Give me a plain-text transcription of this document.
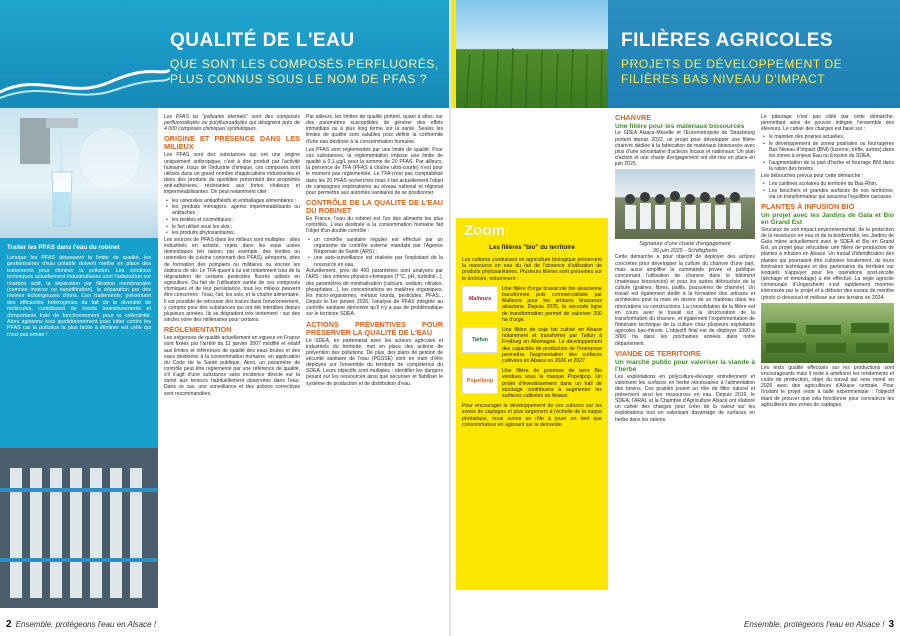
QUALITÉ DE L'EAU
QUE SONT LES COMPOSÉS PERFLUORÉS, PLUS CONNUS SOUS LE NOM DE PFAS ?
Traiter les PFAS dans l'eau du robinet
Lorsque les PFAS dépassent la limite de qualité, les gestionnaires d'eau potable doivent mettre en place des traitements pour éliminer la pollution. Les solutions techniques actuellement industrialisées sont l'adsorption sur charbon actif, la séparation par filtration membranaire (osmose inverse ou nanofiltration), la séparation par des résines échangeuses d'ions. Ces traitements, présentant des efficacités hétérogènes du fait de la diversité de molécules, contribuent de lourds investissements et d'importants frais de fonctionnement pour la collectivité. Alors agissons tous quotidiennement pour lutter contre les PFAS car la pollution la plus facile à éliminer est celle qui n'est pas émise !

Les PFAS ou "polluants éternels" sont des composés perfluoroalkylés ou polyfluoroalkylés qui désignent près de 4 000 composés chimiques synthétiques.

ORIGINE ET PRÉSENCE DANS LES MILIEUX

Les PFAS sont des substances qui ont une origine uniquement anthropique, c'est à dire produit par l'activité humaine. Issus de l'industrie chimique, ces composés sont utilisés dans un grand nombre d'applications industrielles et dans des produits du quotidien présentant des propriétés anti-adhésives, résistantes aux fortes chaleurs et imperméabilisantes. On peut notamment citer :

• les ustensiles antiadhésifs et emballages alimentaires ;
• les produits ménagers, agents imperméabilisants ou antitaches ;
• les textiles et cosmétiques ;
• le fart utilisé sous les skis ;
• les produits phytosanitaires.

Les sources de PFAS dans les milieux sont multiples : sites industriels en activité, rejets dans les eaux usées domestiques (en raison, par exemple, des textiles ou ustensiles de cuisine contenant des PFAS), aéroports, sites de formation des pompiers ou militaires ou encore les stations de ski. Le TFA quant à lui est notamment issu de la dégradation de certains pesticides fluorés utilisés en agriculture. Du fait de l'utilisation variée de ces composés chimiques et de leur persistance, tous les milieux peuvent être concernés : l'eau, l'air, les sols, et la chaîne alimentaire. Il est possible de retrouver des traces dans l'environnement, y compris pour des substances qui ont été interdites depuis plusieurs années. Ils se dégradent très lentement : sur des siècles voire des millénaires pour certains.

RÉGLEMENTATION

Les exigences de qualité actuellement en vigueur en France sont fixées par l'arrêté du 11 janvier 2007 modifié et relatif aux limites et références de qualité des eaux brutes et des eaux destinées à la consommation humaine, en application du Code de la Santé publique. Ainsi, un paramètre de contrôle peut être réglementé par une référence de qualité, s'il s'agit d'une substance sans incidence directe sur la santé aux teneurs habituellement observées dans l'eau. Dans ce cas, une surveillance et des actions correctives sont recommandées.

Par ailleurs, les limites de qualité portent, quant à elles, sur des paramètres susceptibles de générer des effets immédiats ou à plus long terme sur la santé. Seules les limites de qualité sont valables pour définir la conformité d'une eau destinée à la consommation humaine.

Les PFAS sont réglementés par une limite de qualité. Pour ces substances, la réglementation impose une limite de qualité à 0,1 µg/L pour la somme de 20 PFAS. Par ailleurs, la présence de TFA (PFAS à chaîne ultra-courte) n'est pour le moment pas réglementée. Le TFA n'est pas comptabilisé dans les 20 PFAS recherchés mais il fait actuellement l'objet de campagnes exploratoires au niveau national et régional pour permettre aux autorités sanitaires de se positionner.

CONTRÔLE DE LA QUALITÉ DE L'EAU DU ROBINET

En France, l'eau du robinet est l'un des aliments les plus contrôlés. L'eau destinée à la consommation humaine fait l'objet d'un double contrôle :

• un contrôle sanitaire régulier est effectué par un organisme de contrôle externe mandaté par l'Agence Régionale de Santé (ARS) ;
• une auto-surveillance est réalisée par l'exploitant de la ressource en eau.

Actuellement, près de 400 paramètres sont analysés par l'ARS : des critères physico-chimiques (T°C, pH, turbidité...), des paramètres de minéralisation (calcium, sodium, nitrates, phosphates...), les concentrations en matières organiques, les micro-organismes, métaux lourds, pesticides, PFAS... Depuis le 1er janvier 2026, l'analyse de PFAS intégrée au contrôle sanitaire démontre qu'il n'y a pas de problématique sur le territoire SDEA.

ACTIONS PRÉVENTIVES POUR PRÉSERVER LA QUALITÉ DE L'EAU

Le SDEA, en partenariat avec les acteurs agricoles et industriels du territoire, met en place des actions de prévention des pollutions. De plus, des plans de gestion de sécurité sanitaire de l'eau (PGSSE) sont en train d'être déployés sur l'ensemble du territoire de compétence du SDEA. Leurs objectifs sont multiples : identifier les dangers pesant sur les ressources ainsi que sécuriser et fiabiliser le système de production et de distribution d'eau.

2 Ensemble, protégeons l'eau en Alsace !
FILIÈRES AGRICOLES
PROJETS DE DÉVELOPPEMENT DE FILIÈRES BAS NIVEAU D'IMPACT
Zoom
Les filières "bio" du territoire
Les cultures conduisant en agriculture biologique préservent la ressource en eau du fait de l'absence d'utilisation de produits phytosanitaires. Plusieurs filières sont présentes sur le territoire, notamment :
Malteurs
Une filière d'orge brassicole bio alsacienne transformée puis commercialisée par Malteurs pour les artisans brasseurs alsaciens. Depuis 2025, la seconde ligne de transformation permet de valoriser 200 ha d'orge.
Taifun
Une filière de soja bio cultivé en Alsace notamment et transformé par Taifun à Freiburg en Allemagne. Le développement des capacités de production de l'entreprise permettra l'augmentation des surfaces cultivées en Alsace en 2026 et 2027.
Popelipop
Une filière de pommes de terre Bio vendues sous la marque Popelipop. Un projet d'investissement dans un hall de stockage contribuera à augmenter les surfaces cultivées en Alsace.
Pour encourager le développement de ces cultures sur les zones de captages et plus largement à l'échelle de la nappe phréatique, nous avons un rôle à jouer en tant que consommateur en agissant sur la demande.
CHANVRE
Une filière pour les matériaux biosourcés

Le SDEA Alsace-Moselle et l'Eurométropole de Strasbourg portent depuis 2022, un projet pour développer une filière chanvre dédiée à la fabrication de matériaux biosourcés avec plus d'une soixantaine d'acteurs locaux et nationaux. Un plan d'action et une charte d'engagement ont été mis en place en juin 2025.

Signature d'une charte d'engagement
30 juin 2025 - Schiltigheim

Cette démarche a pour objectif de déployer des actions concrètes pour développer la culture du chanvre d'une part, mais aussi amplifier la commande privée et publique concernant l'utilisation de chanvre dans le bâtiment (matériaux biosourcés) et pour les autres débouchés de la culture (graines, fibres, paillis, poussières de chanvre). Un travail est également dédié à la formation des artisans et architectes pour la mise en œuvre de ce matériau dans les rénovations ou constructions. La consolidation de la filière est en cours avec le travail sur la structuration de la transformation du chanvre, et également l'expérimentation de l'itinéraire technique de la culture chez plusieurs exploitants agricoles bas-rhinois. L'objectif final est de déployer 1000 à 3000 ha dans les prochaines années dans notre département.

VIANDE DE TERRITOIRE
Un marché public pour valoriser la viande à l'herbe

Les exploitations en polyculture-élevage entretiennent et valorisent les surfaces en herbe nécessaires à l'alimentation des bovins. Ces prairies jouent un rôle de filtre naturel et préservent ainsi les ressources en eau. Depuis 2019, le SDEA, l'ARAL et la Chambre d'Agriculture Alsace ont élaboré un cahier des charges pour créer de la valeur sur les exploitations tout en valorisant davantage de surfaces en herbe dans les rations.

Le pâturage n'est pas ciblé par cette démarche, permettant ainsi de pouvoir intégrer l'ensemble des éleveurs. Le cahier des charges est basé sur :

• le maintien des prairies actuelles,
• le développement de zones prairiales ou fourragères Bas Niveau d'Impact (BNI) (luzerne, trèfle, autres) dans les zones à enjeux Eau ou Erosion du SDEA,
• l'augmentation de la part d'herbe et fourrage BNI dans la ration des bovins.

Les débouchés prévus pour cette démarche :

• Les cantines scolaires du territoire du Bas-Rhin,
• Les bouchers et grandes surfaces de nos territoires, via un transformateur qui assurera l'équilibre carcasse.
PLANTES À INFUSION BIO
Un projet avec les Jardins de Gaïa et Bio en Grand Est

Soucieux de son impact environnemental, de la protection de la ressource en eau et de la biodiversité, les Jardins de Gaïa mène actuellement avec le SDEA et Bio en Grand Est, un projet pour relocaliser une filière de production de plantes à infusion en Alsace. Un travail d'identification des plantes qui pourraient être cultivées localement, de leurs itinéraires techniques et des partenaires du territoire sur lesquels s'appuyer pour les opérations post-récolte (séchage et émondage) a été effectué. La régie agricole communale d'Ungersheim s'est rapidement montrée intéressée par le projet et a débuter des essais de menthe (photo ci-dessous) et mélisse sur ses terrains en 2024.

Les tests qualité effectués sur les productions sont encourageants mais il reste à améliorer les rendements et coûts de production, objet du travail qui sera mené en 2026 avec des agriculteurs d'Alsace centrale. Pour l'instant le projet reste à taille expérimentale : l'objectif étant de prouver que cela fonctionne pour convaincre les agriculteurs des zones de captages.

Ensemble, protégeons l'eau en Alsace ! 3
